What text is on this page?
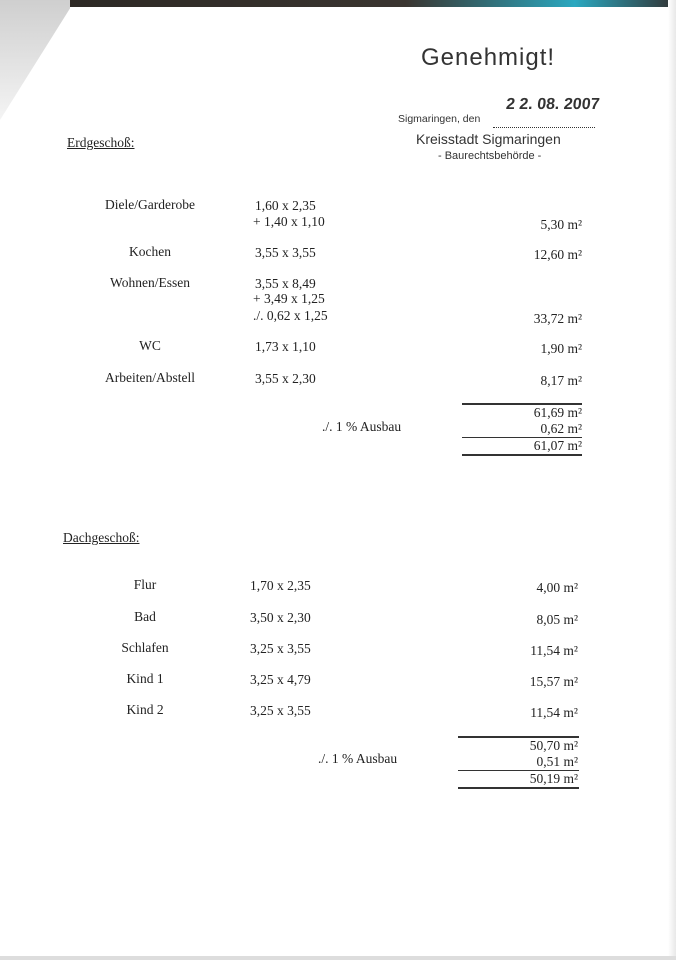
Genehmigt!
2 2. 08. 2007
Sigmaringen, den
Kreisstadt Sigmaringen
- Baurechtsbehörde -
Erdgeschoß:
Diele/Garderobe	1,60 x 2,35
+ 1,40 x 1,10	5,30 m²
Kochen	3,55 x 3,55	12,60 m²
Wohnen/Essen	3,55 x 8,49
+ 3,49 x 1,25
./. 0,62 x 1,25	33,72 m²
WC	1,73 x 1,10	1,90 m²
Arbeiten/Abstell	3,55 x 2,30	8,17 m²
61,69 m²
./. 1 % Ausbau	0,62 m²
61,07 m²
Dachgeschoß:
Flur	1,70 x 2,35	4,00 m²
Bad	3,50 x 2,30	8,05 m²
Schlafen	3,25 x 3,55	11,54 m²
Kind 1	3,25 x 4,79	15,57 m²
Kind 2	3,25 x 3,55	11,54 m²
50,70 m²
./. 1 % Ausbau	0,51 m²
50,19 m²
